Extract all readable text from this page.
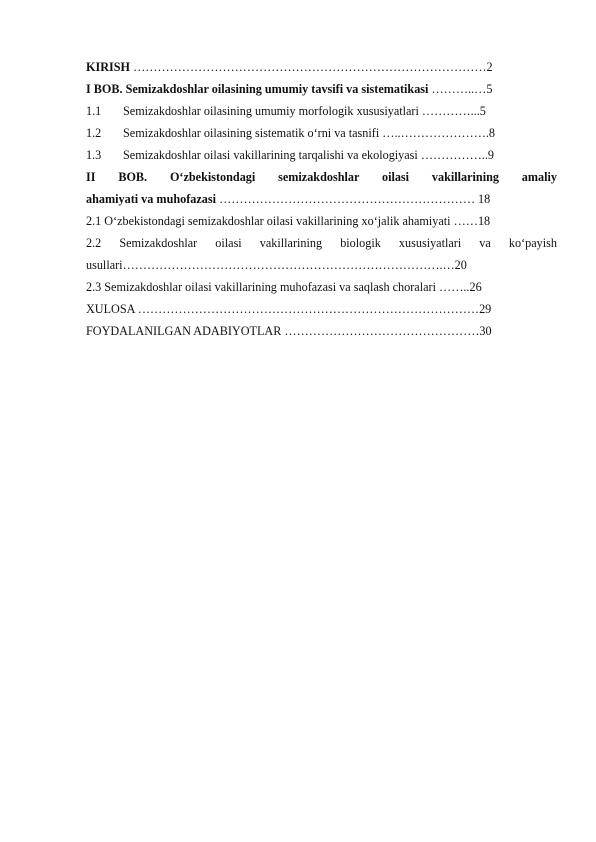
KIRISH ……………………………………………………………………………2
I BOB. Semizakdoshlar oilasining umumiy tavsifi va sistematikasi ………..…5
1.1 Semizakdoshlar oilasining umumiy morfologik xususiyatlari …………...5
1.2 Semizakdoshlar oilasining sistematik o‘rni va tasnifi …..………………….8
1.3 Semizakdoshlar oilasi vakillarining tarqalishi va ekologiyasi ……………..9
II BOB. O‘zbekistondagi semizakdoshlar oilasi vakillarining amaliy
ahamiyati va muhofazasi ……………………………………………………… 18
2.1 O‘zbekistondagi semizakdoshlar oilasi vakillarining xo‘jalik ahamiyati ……18
2.2 Semizakdoshlar oilasi vakillarining biologik xususiyatlari va ko‘payish
usullari…………………………………………………………………….…20
2.3 Semizakdoshlar oilasi vakillarining muhofazasi va saqlash choralari ……..26
XULOSA …………………………………………………………………………29
FOYDALANILGAN ADABIYOTLAR …………………………………………30
